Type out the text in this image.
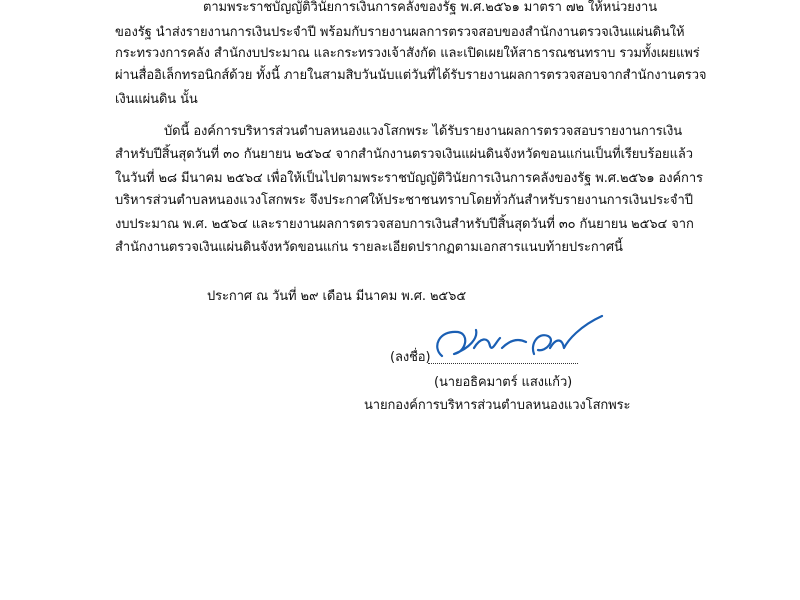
ตามพระราชบัญญัติวินัยการเงินการคลังของรัฐ พ.ศ.๒๕๖๑ มาตรา ๗๒ ให้หน่วยงาน
ของรัฐ นำส่งรายงานการเงินประจำปี พร้อมกับรายงานผลการตรวจสอบของสำนักงานตรวจเงินแผ่นดินให้
กระทรวงการคลัง สำนักงบประมาณ และกระทรวงเจ้าสังกัด และเปิดเผยให้สาธารณชนทราบ รวมทั้งเผยแพร่
ผ่านสื่ออิเล็กทรอนิกส์ด้วย ทั้งนี้ ภายในสามสิบวันนับแต่วันที่ได้รับรายงานผลการตรวจสอบจากสำนักงานตรวจ
เงินแผ่นดิน นั้น
บัดนี้ องค์การบริหารส่วนตำบลหนองแวงโสกพระ ได้รับรายงานผลการตรวจสอบรายงานการเงิน
สำหรับปีสิ้นสุดวันที่ ๓๐ กันยายน ๒๕๖๔ จากสำนักงานตรวจเงินแผ่นดินจังหวัดขอนแก่นเป็นที่เรียบร้อยแล้ว
ในวันที่ ๒๘ มีนาคม ๒๕๖๔ เพื่อให้เป็นไปตามพระราชบัญญัติวินัยการเงินการคลังของรัฐ พ.ศ.๒๕๖๑ องค์การ
บริหารส่วนตำบลหนองแวงโสกพระ จึงประกาศให้ประชาชนทราบโดยทั่วกันสำหรับรายงานการเงินประจำปี
งบประมาณ พ.ศ. ๒๕๖๔ และรายงานผลการตรวจสอบการเงินสำหรับปีสิ้นสุดวันที่ ๓๐ กันยายน ๒๕๖๔ จาก
สำนักงานตรวจเงินแผ่นดินจังหวัดขอนแก่น รายละเอียดปรากฏตามเอกสารแนบท้ายประกาศนี้
ประกาศ ณ วันที่ ๒๙ เดือน มีนาคม พ.ศ. ๒๕๖๕
(ลงชื่อ)
(นายอธิคมาตร์ แสงแก้ว)
นายกองค์การบริหารส่วนตำบลหนองแวงโสกพระ
